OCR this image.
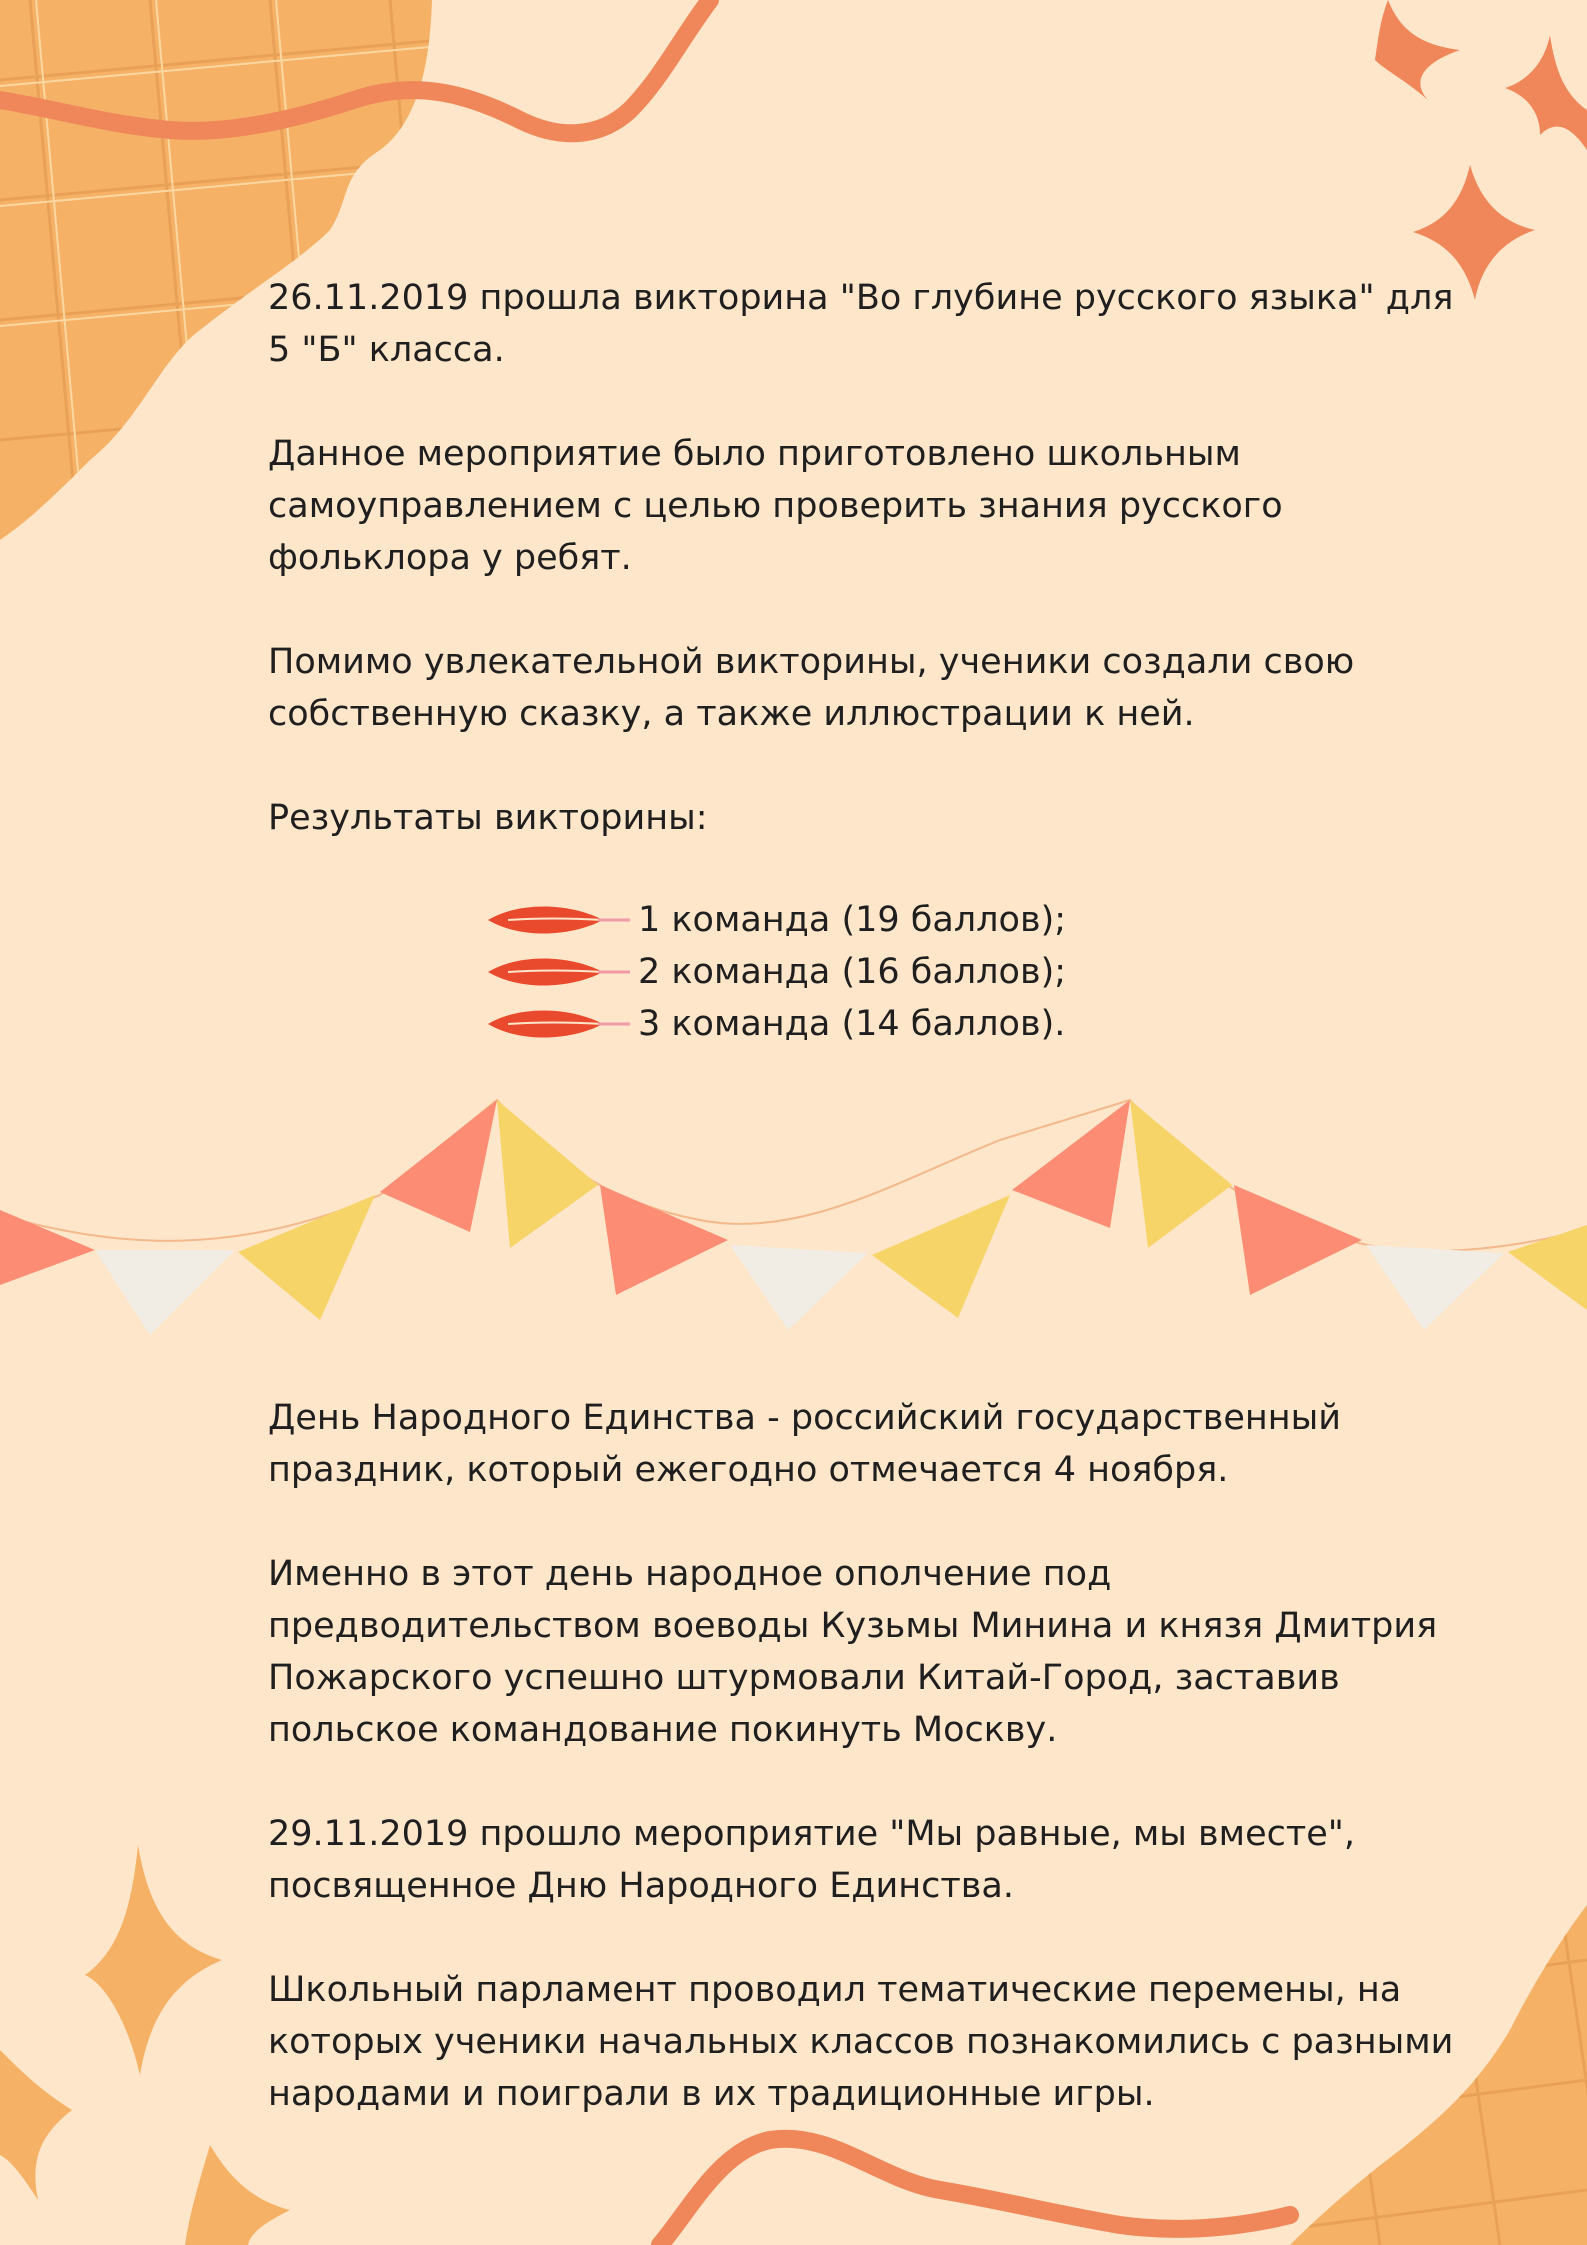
26.11.2019 прошла викторина "Во глубине русского языка" для 5 "Б" класса.

Данное мероприятие было приготовлено школьным самоуправлением с целью проверить знания русского фольклора у ребят.

Помимо увлекательной викторины, ученики создали свою собственную сказку, а также иллюстрации к ней.

Результаты викторины:

1 команда (19 баллов);
2 команда (16 баллов);
3 команда (14 баллов).

День Народного Единства - российский государственный праздник, который ежегодно отмечается 4 ноября.

Именно в этот день народное ополчение под предводительством воеводы Кузьмы Минина и князя Дмитрия Пожарского успешно штурмовали Китай-Город, заставив польское командование покинуть Москву.

29.11.2019 прошло мероприятие "Мы равные, мы вместе", посвященное Дню Народного Единства.

Школьный парламент проводил тематические перемены, на которых ученики начальных классов познакомились с разными народами и поиграли в их традиционные игры.
